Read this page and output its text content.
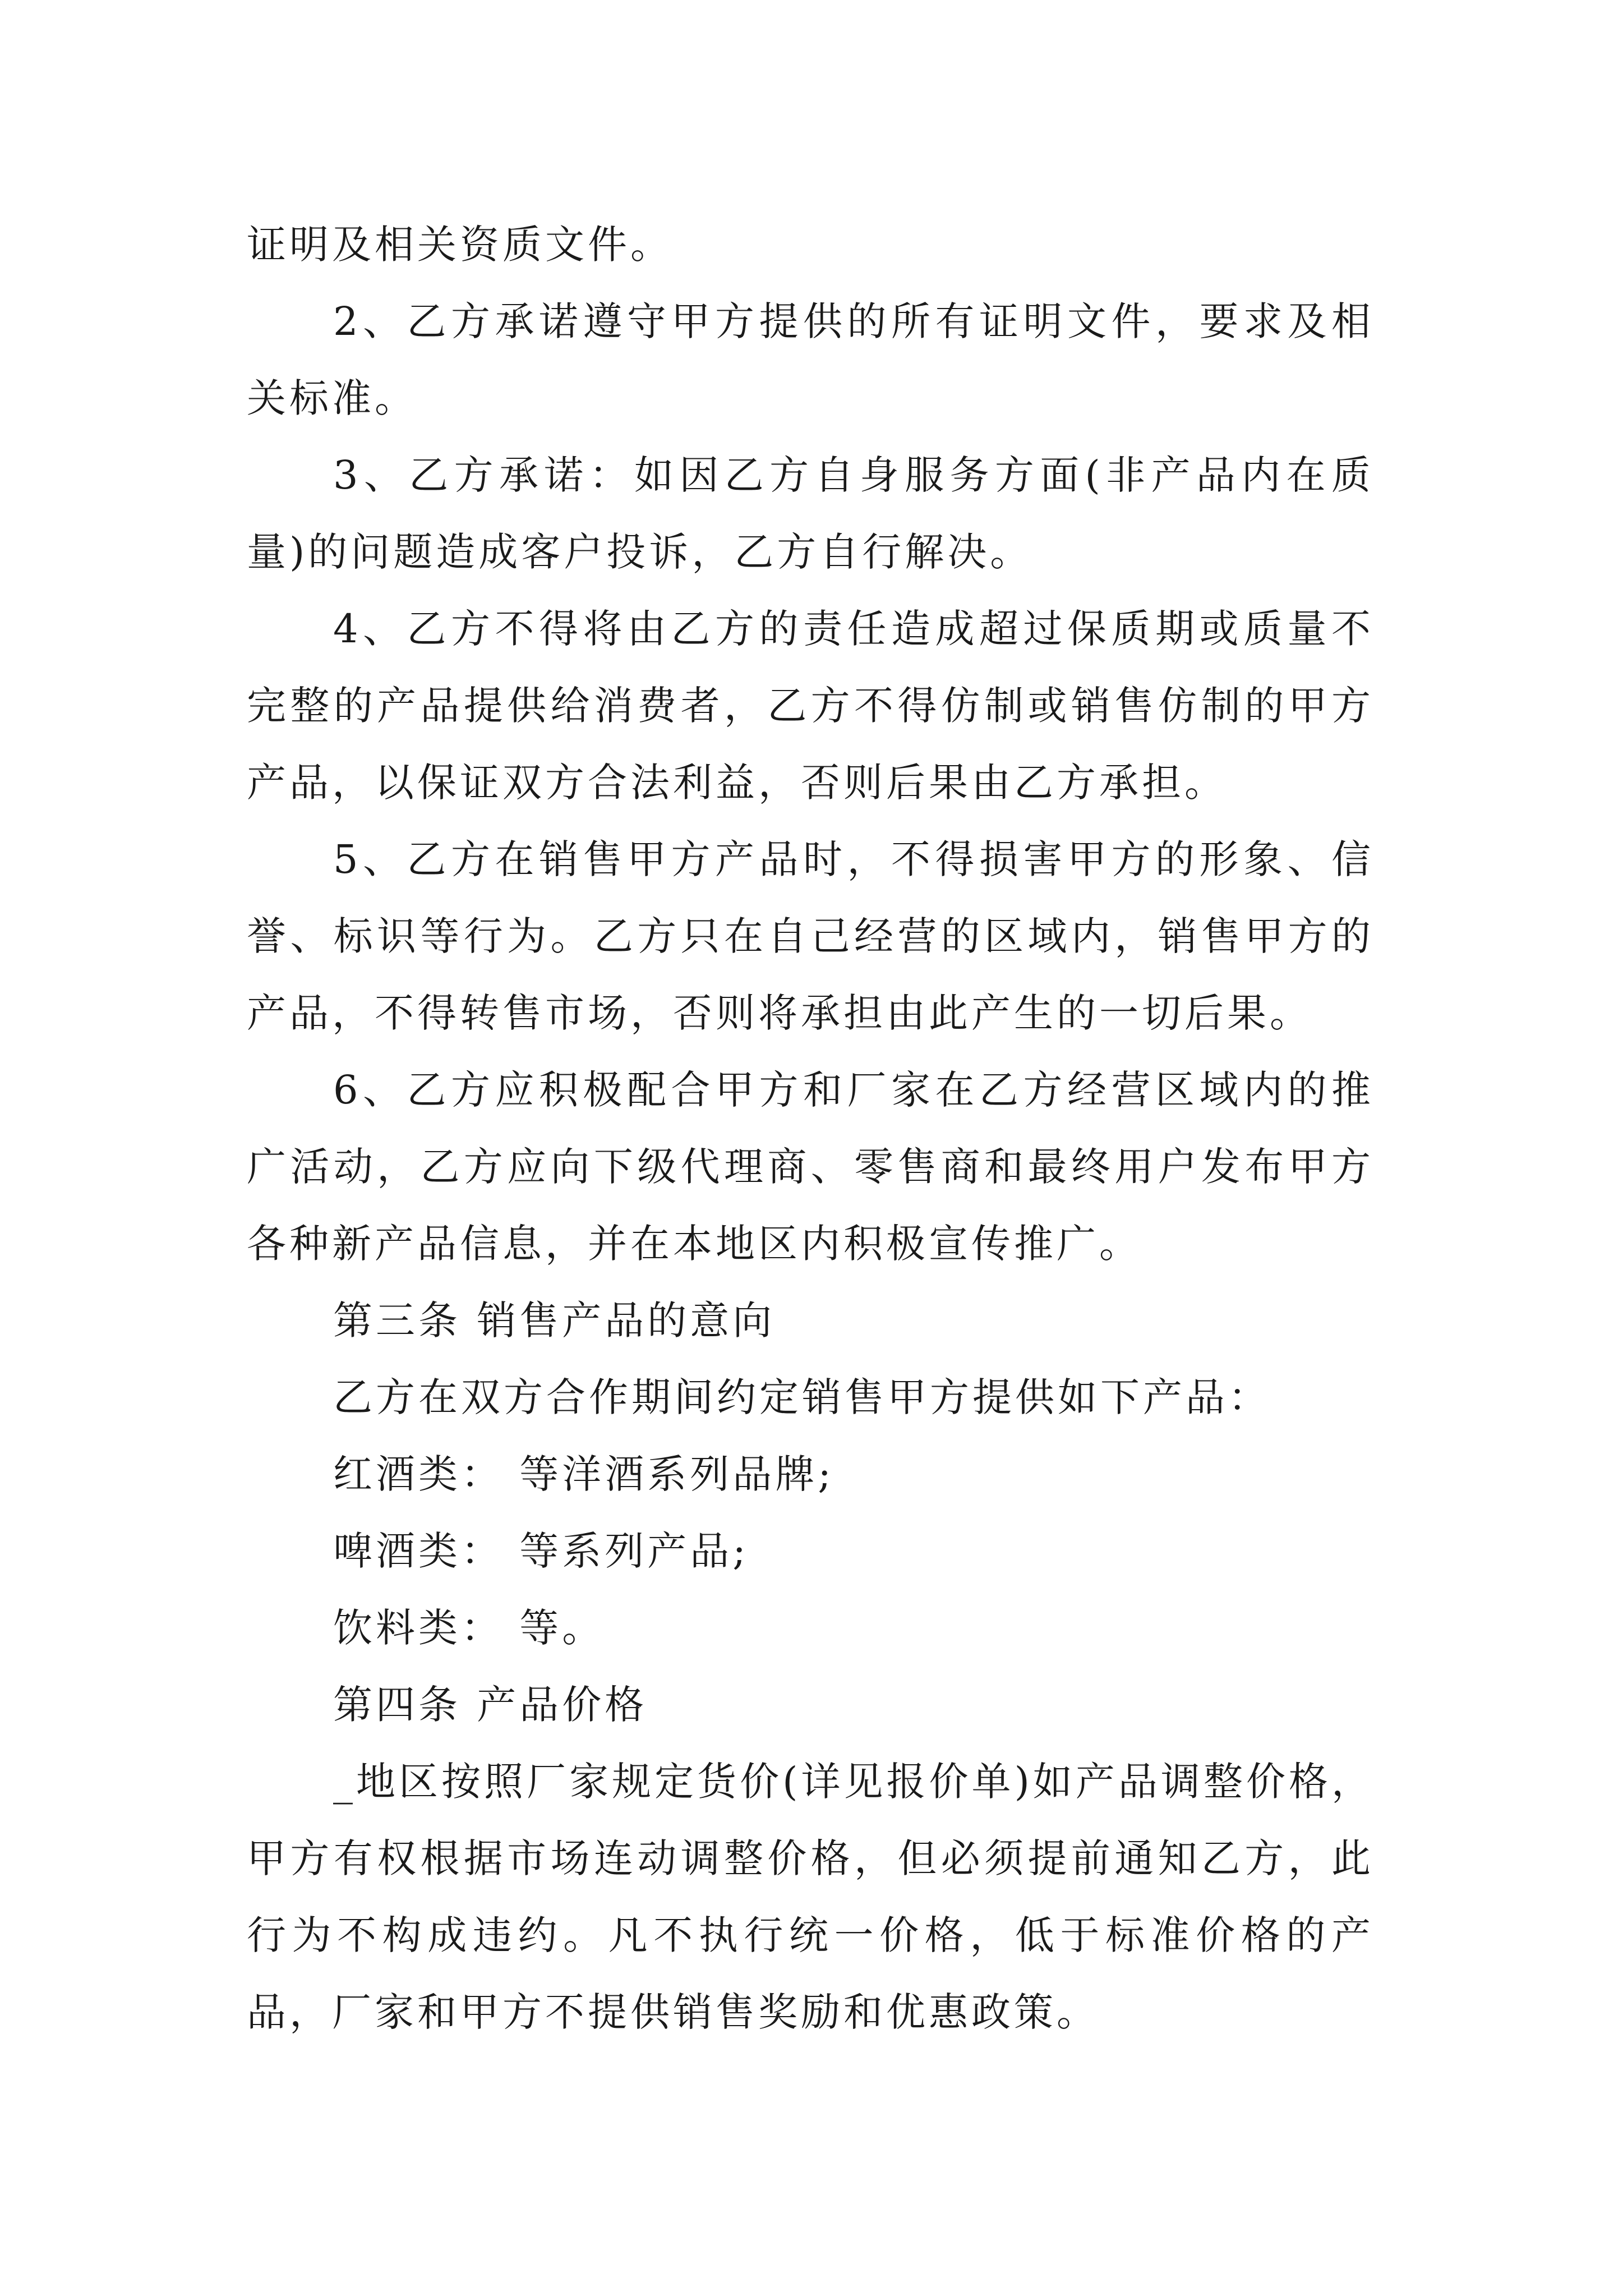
证明及相关资质文件。

2、乙方承诺遵守甲方提供的所有证明文件，要求及相关标准。

3、乙方承诺：如因乙方自身服务方面(非产品内在质量)的问题造成客户投诉，乙方自行解决。

4、乙方不得将由乙方的责任造成超过保质期或质量不完整的产品提供给消费者，乙方不得仿制或销售仿制的甲方产品，以保证双方合法利益，否则后果由乙方承担。

5、乙方在销售甲方产品时，不得损害甲方的形象、信誉、标识等行为。乙方只在自己经营的区域内，销售甲方的产品，不得转售市场，否则将承担由此产生的一切后果。

6、乙方应积极配合甲方和厂家在乙方经营区域内的推广活动，乙方应向下级代理商、零售商和最终用户发布甲方各种新产品信息，并在本地区内积极宣传推广。

第三条 销售产品的意向

乙方在双方合作期间约定销售甲方提供如下产品：

红酒类： 等洋酒系列品牌;

啤酒类： 等系列产品;

饮料类： 等。

第四条 产品价格

_地区按照厂家规定货价(详见报价单)如产品调整价格，甲方有权根据市场连动调整价格，但必须提前通知乙方，此行为不构成违约。凡不执行统一价格，低于标准价格的产品，厂家和甲方不提供销售奖励和优惠政策。
